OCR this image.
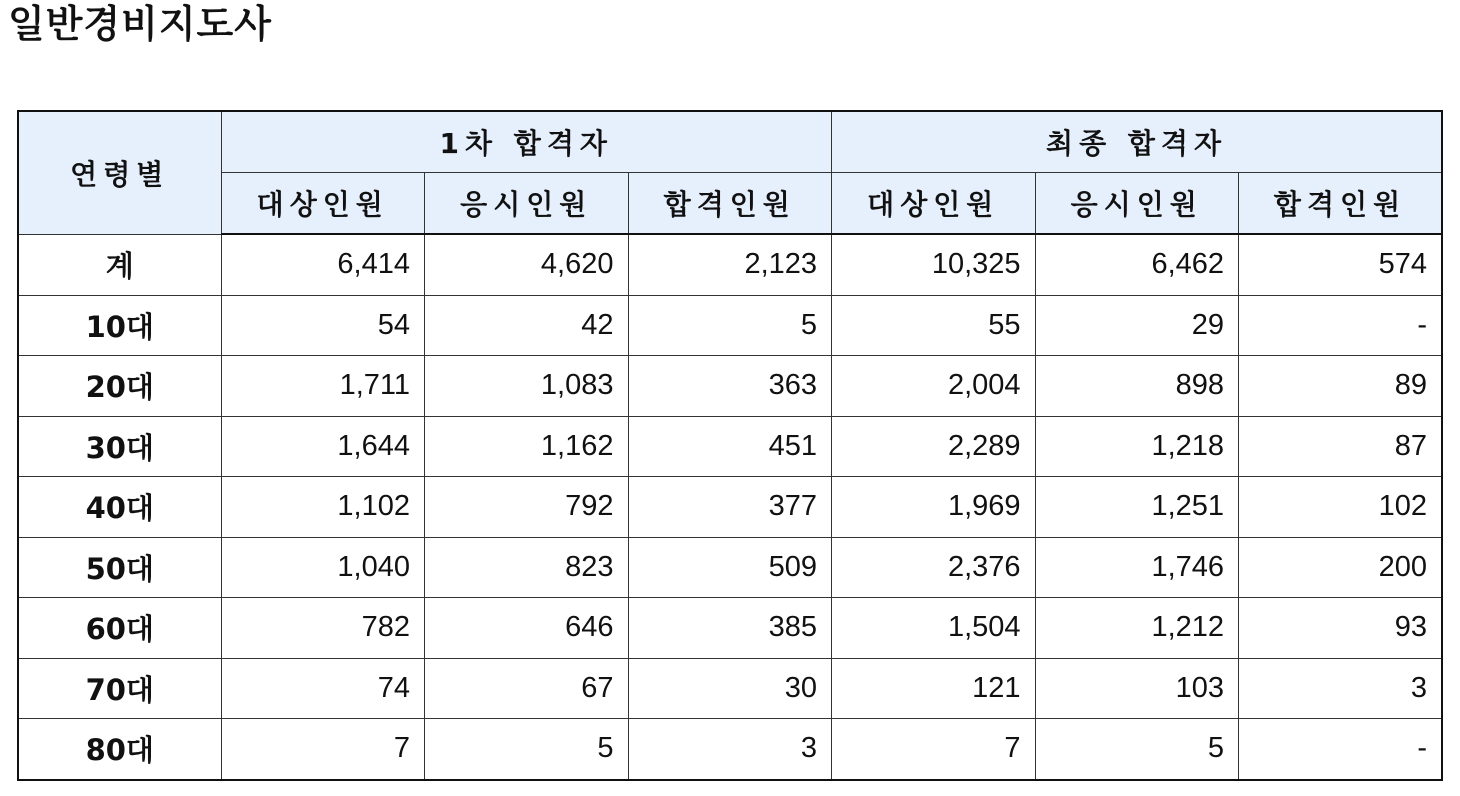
일반경비지도사
연령별	1차 합격자			최종 합격자		
	대상인원	응시인원	합격인원	대상인원	응시인원	합격인원
계	6,414	4,620	2,123	10,325	6,462	574
10대	54	42	5	55	29	-
20대	1,711	1,083	363	2,004	898	89
30대	1,644	1,162	451	2,289	1,218	87
40대	1,102	792	377	1,969	1,251	102
50대	1,040	823	509	2,376	1,746	200
60대	782	646	385	1,504	1,212	93
70대	74	67	30	121	103	3
80대	7	5	3	7	5	-
